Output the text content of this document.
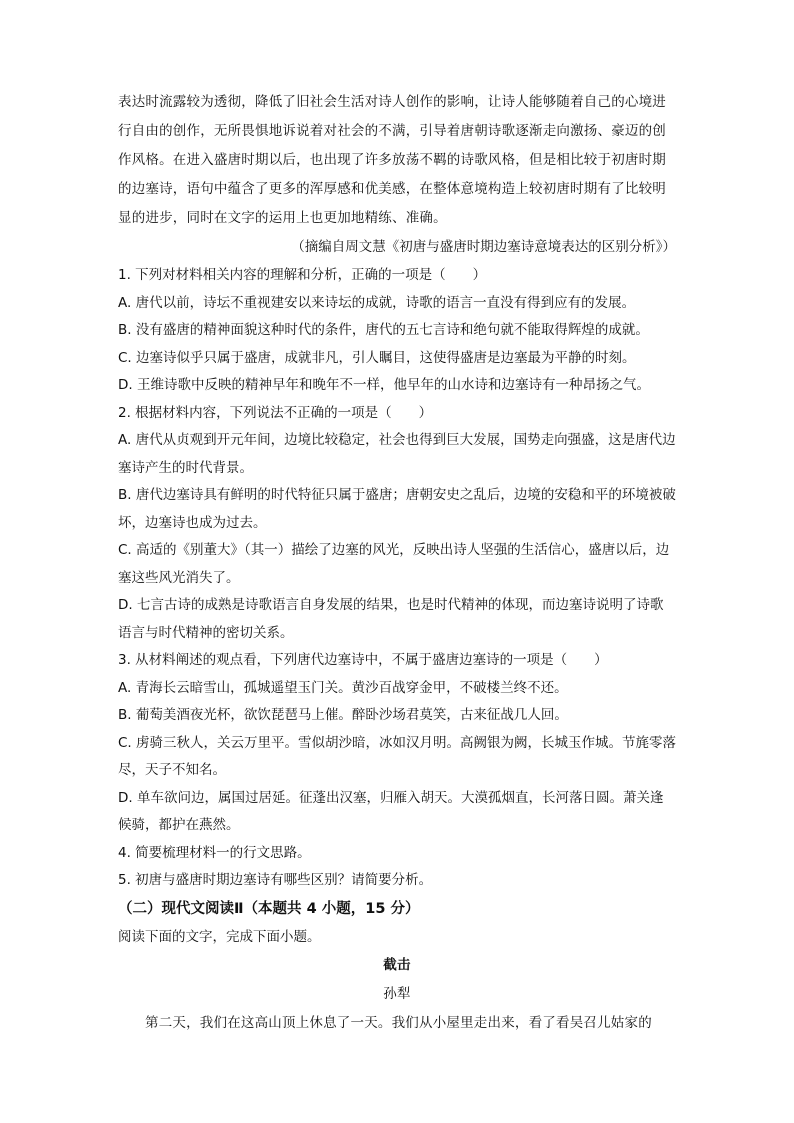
表达时流露较为透彻，降低了旧社会生活对诗人创作的影响，让诗人能够随着自己的心境进行自由的创作，无所畏惧地诉说着对社会的不满，引导着唐朝诗歌逐渐走向激扬、豪迈的创作风格。在进入盛唐时期以后，也出现了许多放荡不羁的诗歌风格，但是相比较于初唐时期的边塞诗，语句中蕴含了更多的浑厚感和优美感，在整体意境构造上较初唐时期有了比较明显的进步，同时在文字的运用上也更加地精练、准确。

（摘编自周文慧《初唐与盛唐时期边塞诗意境表达的区别分析》）

1. 下列对材料相关内容的理解和分析，正确的一项是（　　）

A. 唐代以前，诗坛不重视建安以来诗坛的成就，诗歌的语言一直没有得到应有的发展。

B. 没有盛唐的精神面貌这种时代的条件，唐代的五七言诗和绝句就不能取得辉煌的成就。

C. 边塞诗似乎只属于盛唐，成就非凡，引人瞩目，这使得盛唐是边塞最为平静的时刻。

D. 王维诗歌中反映的精神早年和晚年不一样，他早年的山水诗和边塞诗有一种昂扬之气。

2. 根据材料内容，下列说法不正确的一项是（　　）

A. 唐代从贞观到开元年间，边境比较稳定，社会也得到巨大发展，国势走向强盛，这是唐代边塞诗产生的时代背景。

B. 唐代边塞诗具有鲜明的时代特征只属于盛唐；唐朝安史之乱后，边境的安稳和平的环境被破坏，边塞诗也成为过去。

C. 高适的《别董大》（其一）描绘了边塞的风光，反映出诗人坚强的生活信心，盛唐以后，边塞这些风光消失了。

D. 七言古诗的成熟是诗歌语言自身发展的结果，也是时代精神的体现，而边塞诗说明了诗歌语言与时代精神的密切关系。

3. 从材料阐述的观点看，下列唐代边塞诗中，不属于盛唐边塞诗的一项是（　　）

A. 青海长云暗雪山，孤城遥望玉门关。黄沙百战穿金甲，不破楼兰终不还。

B. 葡萄美酒夜光杯，欲饮琵琶马上催。醉卧沙场君莫笑，古来征战几人回。

C. 虏骑三秋人，关云万里平。雪似胡沙暗，冰如汉月明。高阙银为阙，长城玉作城。节旄零落尽，天子不知名。

D. 单车欲问边，属国过居延。征蓬出汉塞，归雁入胡天。大漠孤烟直，长河落日圆。萧关逢候骑，都护在燕然。

4. 简要梳理材料一的行文思路。

5. 初唐与盛唐时期边塞诗有哪些区别？请简要分析。

（二）现代文阅读Ⅱ（本题共 4 小题，15 分）

阅读下面的文字，完成下面小题。

截击

孙犁

第二天，我们在这高山顶上休息了一天。我们从小屋里走出来，看了看吴召儿姑家的
